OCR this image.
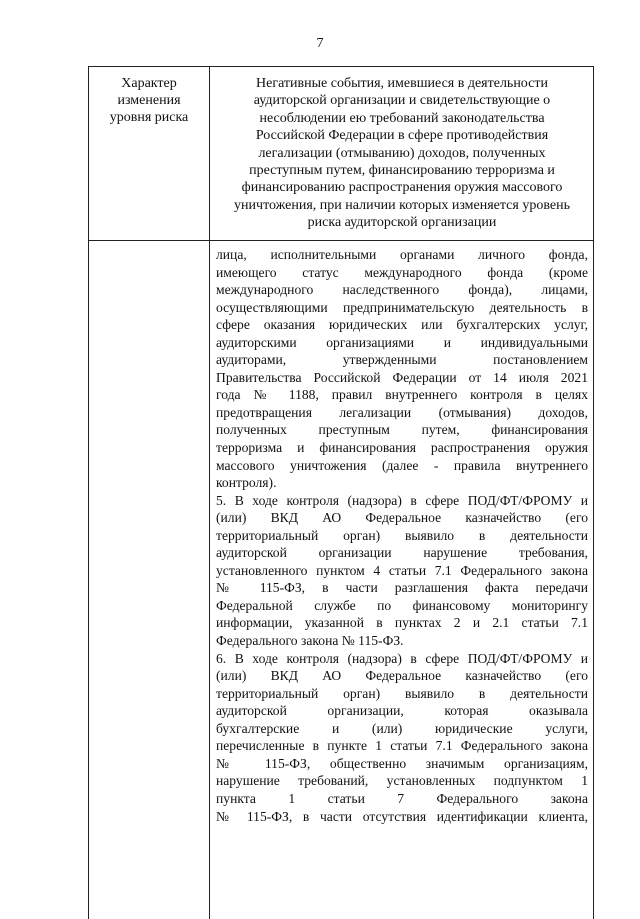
7
Характер
изменения
уровня риска
Негативные события, имевшиеся в деятельности
аудиторской организации и свидетельствующие о
несоблюдении ею требований законодательства
Российской Федерации в сфере противодействия
легализации (отмыванию) доходов, полученных
преступным путем, финансированию терроризма и
финансированию распространения оружия массового
уничтожения, при наличии которых изменяется уровень
риска аудиторской организации
лица, исполнительными органами личного фонда,
имеющего статус международного фонда (кроме
международного наследственного фонда), лицами,
осуществляющими предпринимательскую деятельность в
сфере оказания юридических или бухгалтерских услуг,
аудиторскими организациями и индивидуальными
аудиторами, утвержденными постановлением
Правительства Российской Федерации от 14 июля 2021
года № 1188, правил внутреннего контроля в целях
предотвращения легализации (отмывания) доходов,
полученных преступным путем, финансирования
терроризма и финансирования распространения оружия
массового уничтожения (далее - правила внутреннего
контроля).
5. В ходе контроля (надзора) в сфере ПОД/ФТ/ФРОМУ и
(или) ВКД АО Федеральное казначейство (его
территориальный орган) выявило в деятельности
аудиторской организации нарушение требования,
установленного пунктом 4 статьи 7.1 Федерального закона
№ 115-ФЗ, в части разглашения факта передачи
Федеральной службе по финансовому мониторингу
информации, указанной в пунктах 2 и 2.1 статьи 7.1
Федерального закона № 115-ФЗ.
6. В ходе контроля (надзора) в сфере ПОД/ФТ/ФРОМУ и
(или) ВКД АО Федеральное казначейство (его
территориальный орган) выявило в деятельности
аудиторской организации, которая оказывала
бухгалтерские и (или) юридические услуги,
перечисленные в пункте 1 статьи 7.1 Федерального закона
№ 115-ФЗ, общественно значимым организациям,
нарушение требований, установленных подпунктом 1
пункта 1 статьи 7 Федерального закона
№ 115-ФЗ, в части отсутствия идентификации клиента,
